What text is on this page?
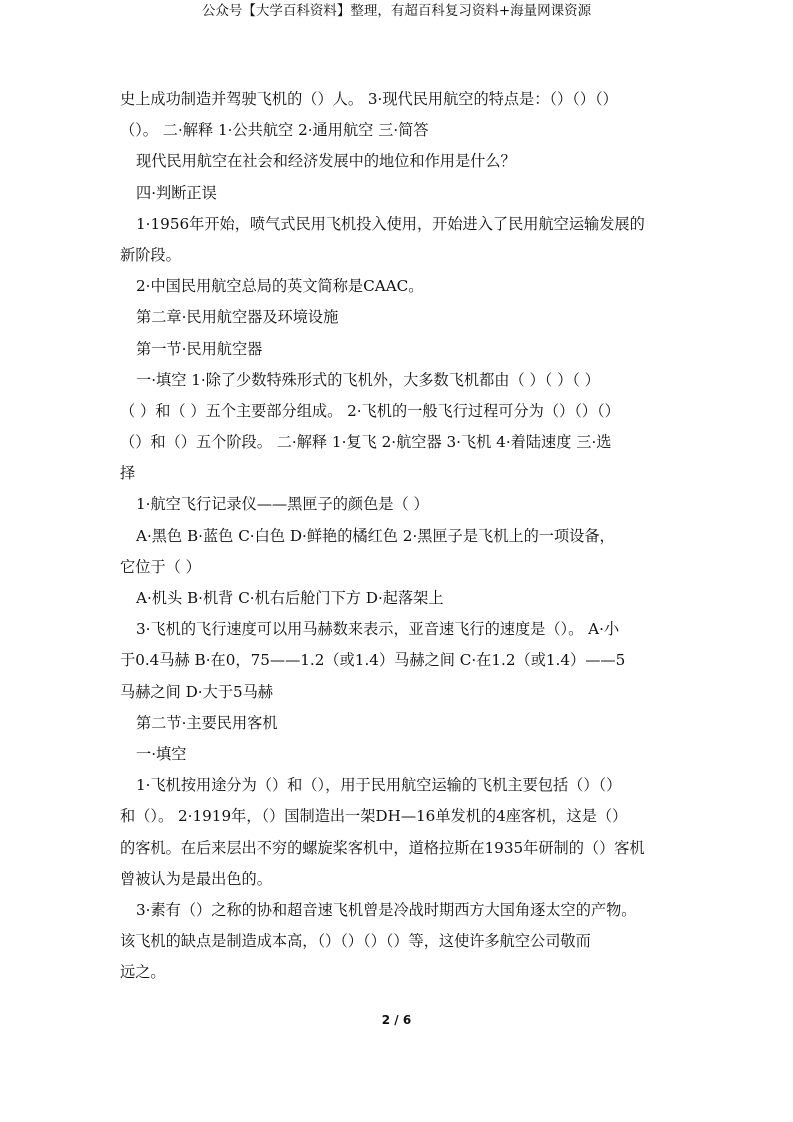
公众号【大学百科资料】整理，有超百科复习资料+海量网课资源
史上成功制造并驾驶飞机的（）人。 3·现代民用航空的特点是：（）（）（）
（）。 二·解释 1·公共航空 2·通用航空 三·简答
现代民用航空在社会和经济发展中的地位和作用是什么？
四·判断正误
1·1956年开始，喷气式民用飞机投入使用，开始进入了民用航空运输发展的
新阶段。
2·中国民用航空总局的英文简称是CAAC。
第二章·民用航空器及环境设施
第一节·民用航空器
一·填空 1·除了少数特殊形式的飞机外，大多数飞机都由（ ）（ ）（ ）
（ ）和（ ）五个主要部分组成。 2·飞机的一般飞行过程可分为（）（）（）
（）和（）五个阶段。 二·解释 1·复飞 2·航空器 3·飞机 4·着陆速度 三·选
择
1·航空飞行记录仪——黑匣子的颜色是（ ）
A·黑色 B·蓝色 C·白色 D·鲜艳的橘红色 2·黑匣子是飞机上的一项设备，
它位于（ ）
A·机头 B·机背 C·机右后舱门下方 D·起落架上
3·飞机的飞行速度可以用马赫数来表示，亚音速飞行的速度是（）。 A·小
于0.4马赫 B·在0，75——1.2（或1.4）马赫之间 C·在1.2（或1.4）——5
马赫之间 D·大于5马赫
第二节·主要民用客机
一·填空
1·飞机按用途分为（）和（），用于民用航空运输的飞机主要包括（）（）
和（）。 2·1919年，（）国制造出一架DH—16单发机的4座客机，这是（）
的客机。在后来层出不穷的螺旋桨客机中，道格拉斯在1935年研制的（）客机
曾被认为是最出色的。
3·素有（）之称的协和超音速飞机曾是冷战时期西方大国角逐太空的产物。
该飞机的缺点是制造成本高，（）（）（）（）等，这使许多航空公司敬而
远之。
2 / 6
